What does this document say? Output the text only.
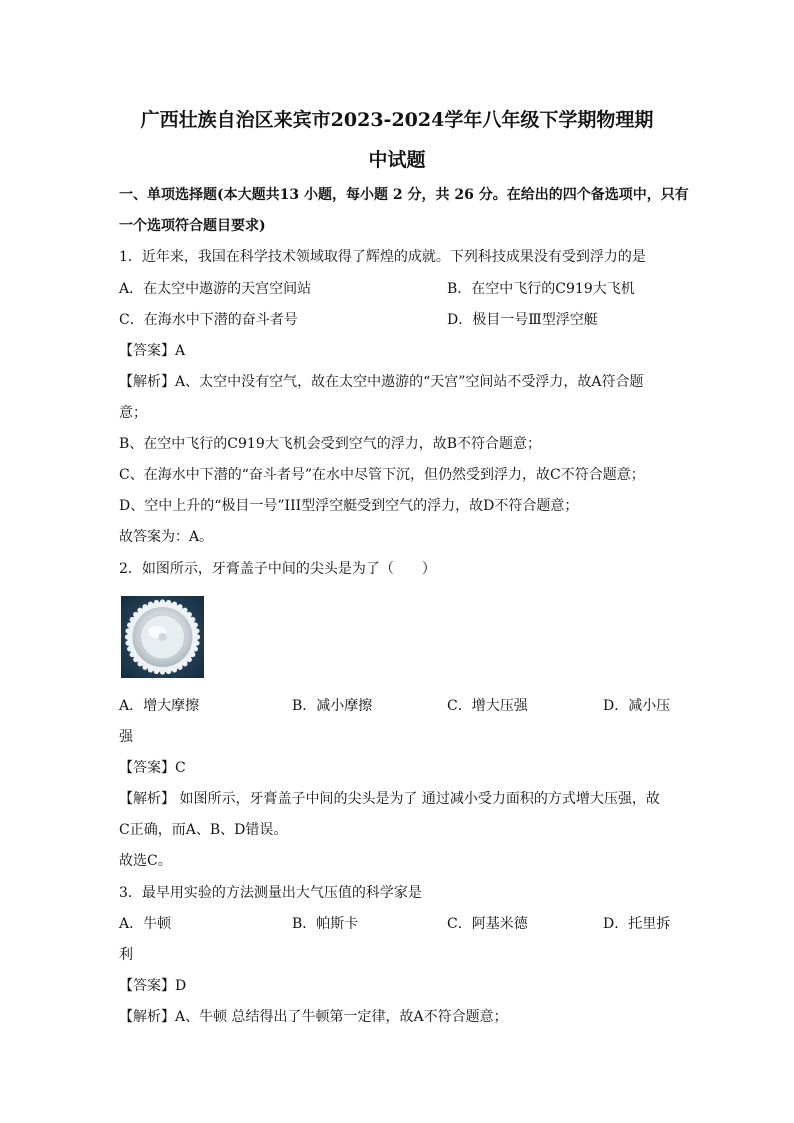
广西壮族自治区来宾市2023-2024学年八年级下学期物理期
中试题

一、单项选择题(本大题共13 小题，每小题 2 分，共 26 分。在给出的四个备选项中，只有

一个选项符合题目要求)

1．近年来，我国在科学技术领域取得了辉煌的成就。下列科技成果没有受到浮力的是

A．在太空中遨游的天宫空间站	B．在空中飞行的C919大飞机

C．在海水中下潜的奋斗者号	D．极目一号Ⅲ型浮空艇

【答案】A

【解析】A、太空中没有空气，故在太空中遨游的“天宫”空间站不受浮力，故A符合题

意；

B、在空中飞行的C919大飞机会受到空气的浮力，故B不符合题意；

C、在海水中下潜的“奋斗者号”在水中尽管下沉，但仍然受到浮力，故C不符合题意；

D、空中上升的“极目一号”III型浮空艇受到空气的浮力，故D不符合题意；

故答案为：A。

2．如图所示，牙膏盖子中间的尖头是为了（　　）

A．增大摩擦	B．减小摩擦	C．增大压强	D．减小压

强

【答案】C

【解析】 如图所示，牙膏盖子中间的尖头是为了 通过减小受力面积的方式增大压强，故

C正确，而A、B、D错误。

故选C。

3．最早用实验的方法测量出大气压值的科学家是

A．牛顿	B．帕斯卡	C．阿基米德	D．托里拆

利

【答案】D

【解析】A、牛顿 总结得出了牛顿第一定律，故A不符合题意；
